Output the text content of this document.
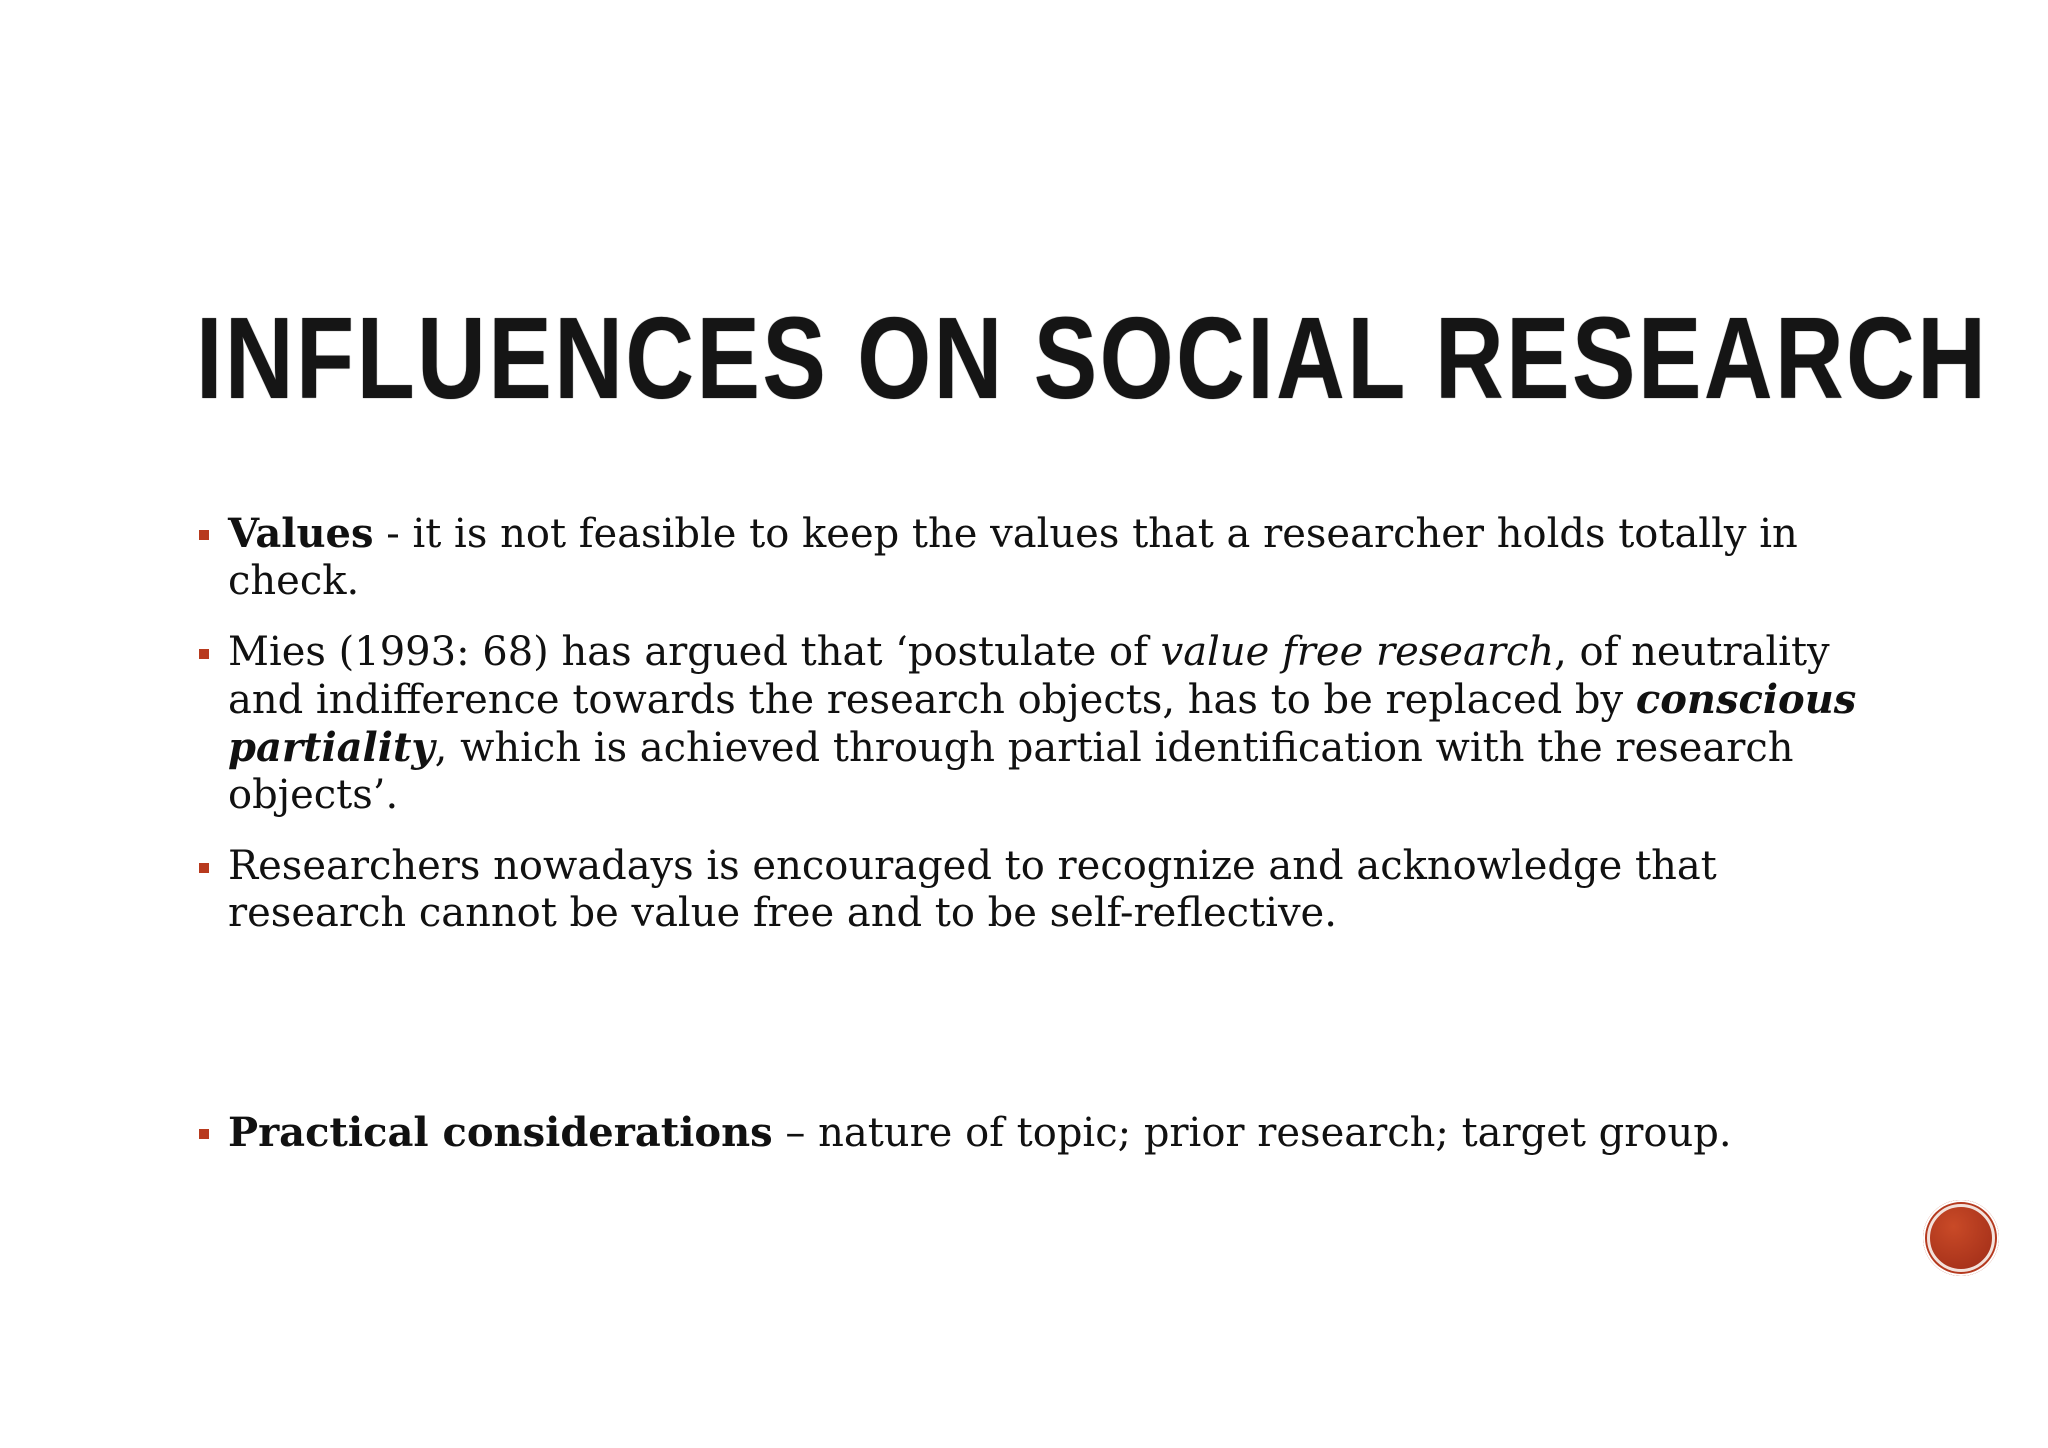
INFLUENCES ON SOCIAL RESEARCH
Values - it is not feasible to keep the values that a researcher holds totally in check.
Mies (1993: 68) has argued that ‘postulate of value free research, of neutrality and indifference towards the research objects, has to be replaced by conscious partiality, which is achieved through partial identification with the research objects’.
Researchers nowadays is encouraged to recognize and acknowledge that research cannot be value free and to be self-reflective.
Practical considerations – nature of topic; prior research; target group.
